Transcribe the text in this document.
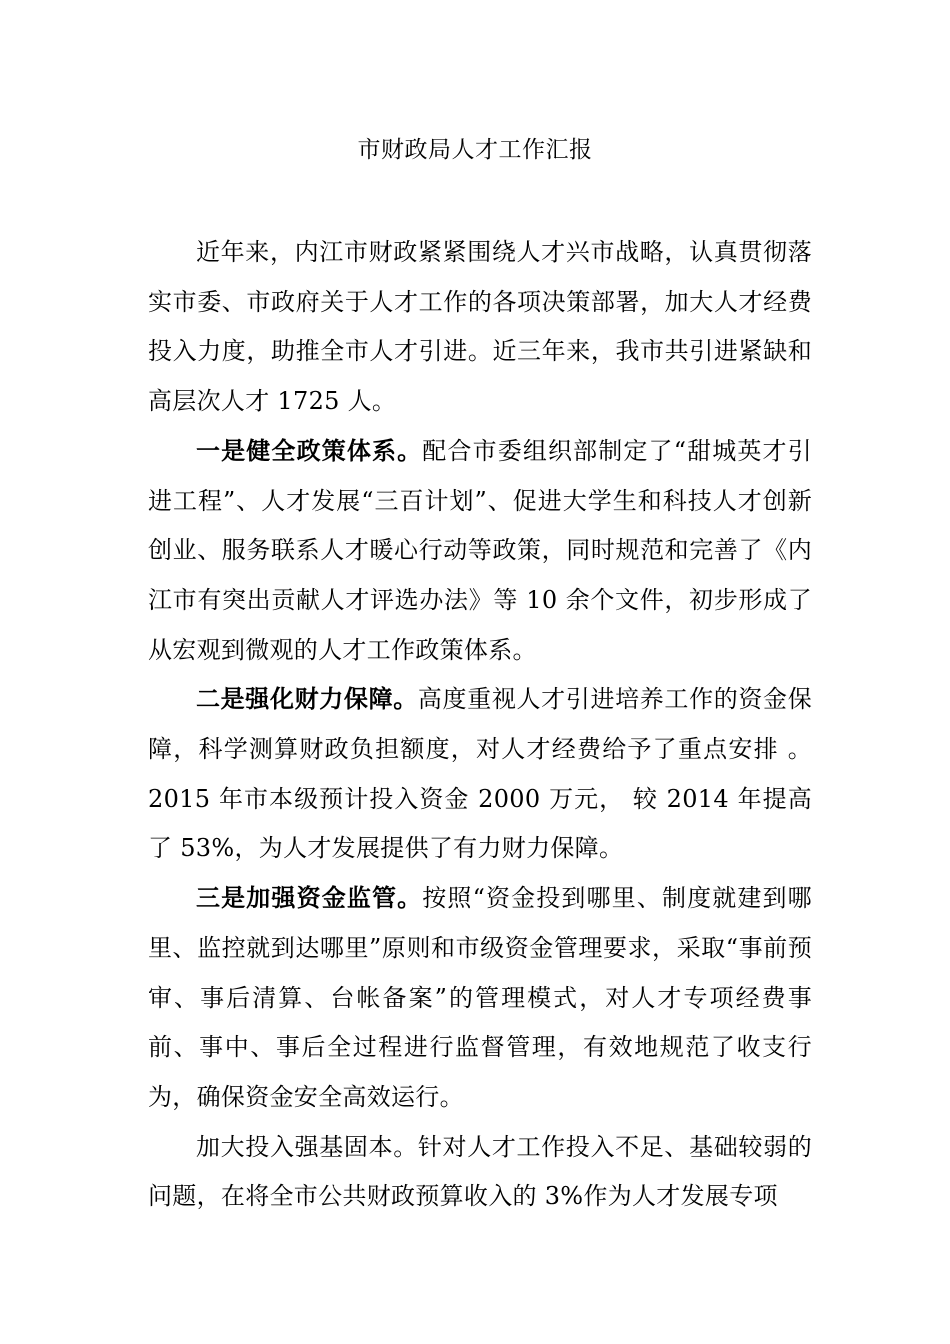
市财政局人才工作汇报

近年来，内江市财政紧紧围绕人才兴市战略，认真贯彻落实市委、市政府关于人才工作的各项决策部署，加大人才经费投入力度，助推全市人才引进。近三年来，我市共引进紧缺和高层次人才 1725 人。

一是健全政策体系。配合市委组织部制定了“甜城英才引进工程”、人才发展“三百计划”、促进大学生和科技人才创新创业、服务联系人才暖心行动等政策，同时规范和完善了《内江市有突出贡献人才评选办法》等 10 余个文件，初步形成了从宏观到微观的人才工作政策体系。

二是强化财力保障。高度重视人才引进培养工作的资金保障，科学测算财政负担额度，对人才经费给予了重点安排 。2015 年市本级预计投入资金 2000 万元， 较 2014 年提高了 53%，为人才发展提供了有力财力保障。

三是加强资金监管。按照“资金投到哪里、制度就建到哪里、监控就到达哪里”原则和市级资金管理要求，采取“事前预审、事后清算、台帐备案”的管理模式，对人才专项经费事前、事中、事后全过程进行监督管理，有效地规范了收支行为，确保资金安全高效运行。

加大投入强基固本。针对人才工作投入不足、基础较弱的问题，在将全市公共财政预算收入的 3%作为人才发展专项
